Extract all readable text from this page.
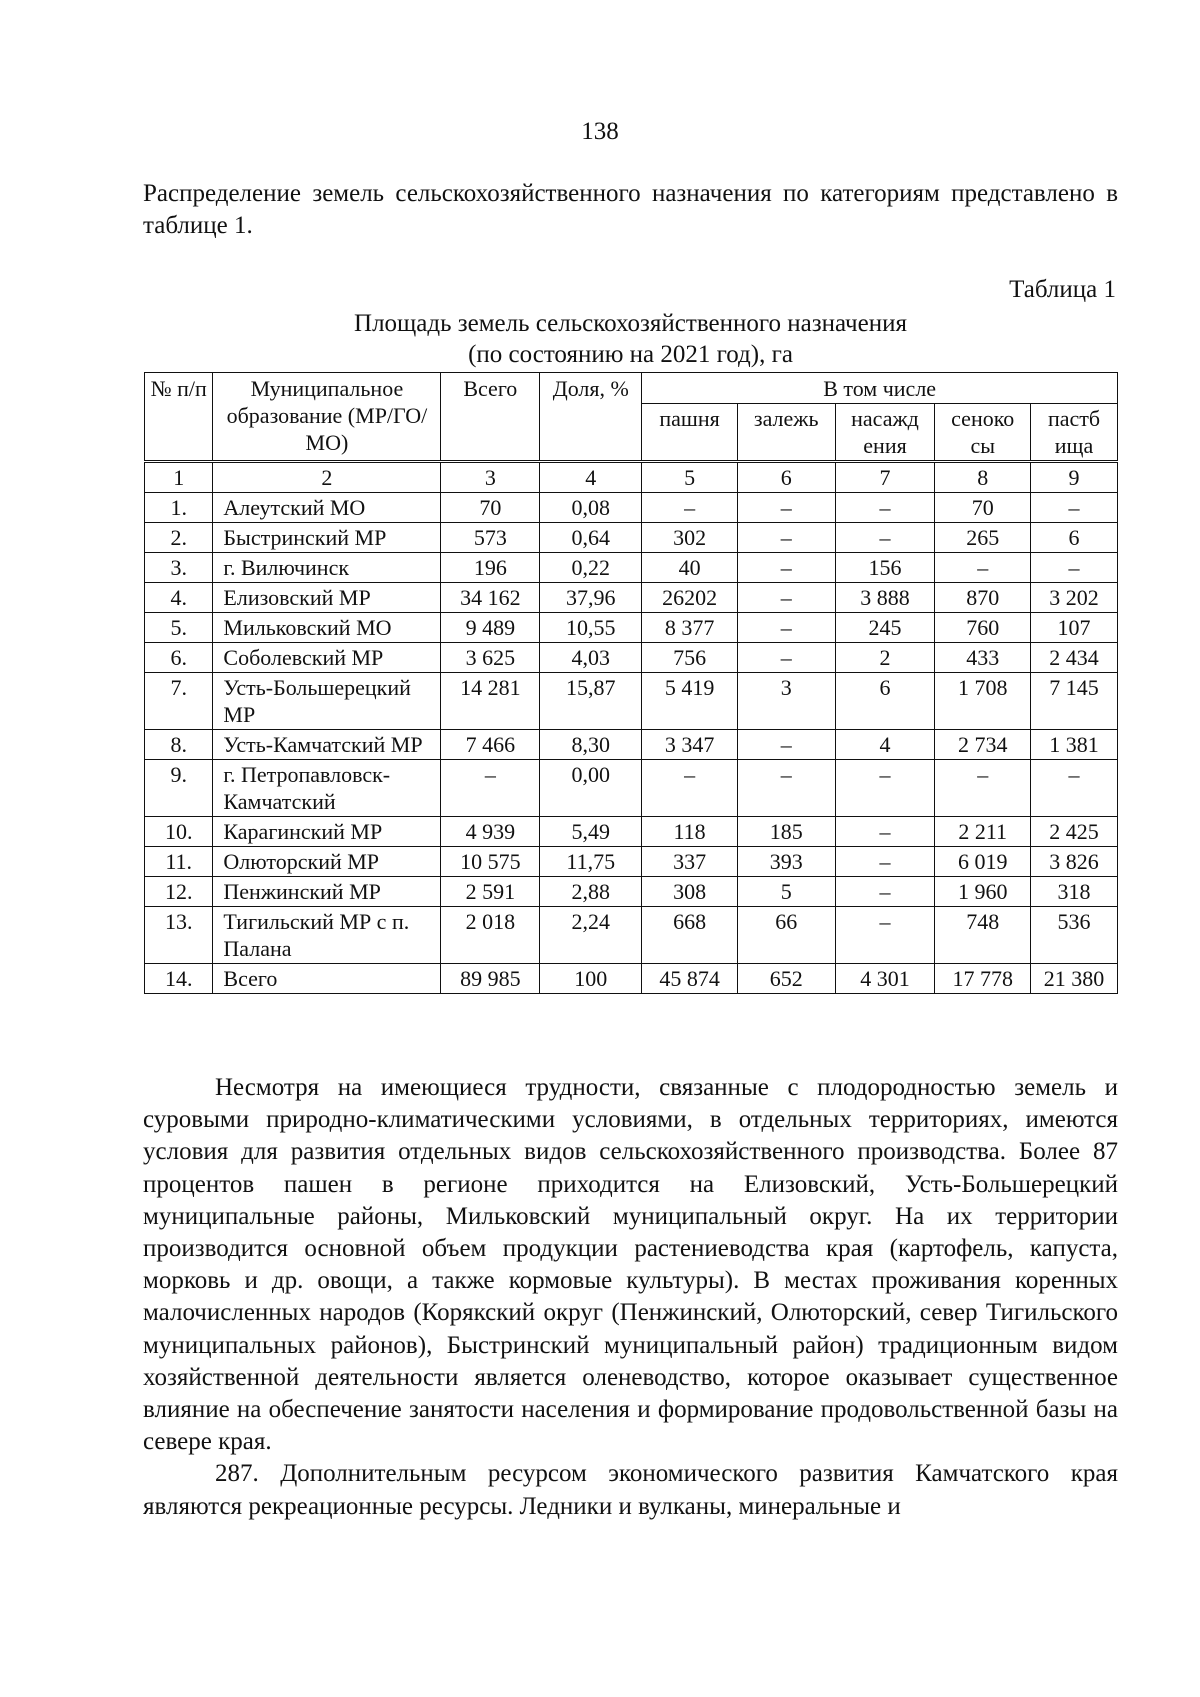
138
Распределение земель сельскохозяйственного назначения по категориям представлено в таблице 1.
Таблица 1
Площадь земель сельскохозяйственного назначения
(по состоянию на 2021 год), га
№ п/п	Муниципальное образование (МР/ГО/МО)	Всего	Доля, %	В том числе				
				пашня	залежь	насажд ения	сеноко сы	пастб ища
1	2	3	4	5	6	7	8	9
1.	Алеутский МО	70	0,08	–	–	–	70	–
2.	Быстринский МР	573	0,64	302	–	–	265	6
3.	г. Вилючинск	196	0,22	40	–	156	–	–
4.	Елизовский МР	34 162	37,96	26202	–	3 888	870	3 202
5.	Мильковский МО	9 489	10,55	8 377	–	245	760	107
6.	Соболевский МР	3 625	4,03	756	–	2	433	2 434
7.	Усть-Большерецкий МР	14 281	15,87	5 419	3	6	1 708	7 145
8.	Усть-Камчатский МР	7 466	8,30	3 347	–	4	2 734	1 381
9.	г. Петропавловск-Камчатский	–	0,00	–	–	–	–	–
10.	Карагинский МР	4 939	5,49	118	185	–	2 211	2 425
11.	Олюторский МР	10 575	11,75	337	393	–	6 019	3 826
12.	Пенжинский МР	2 591	2,88	308	5	–	1 960	318
13.	Тигильский МР с п. Палана	2 018	2,24	668	66	–	748	536
14.	Всего	89 985	100	45 874	652	4 301	17 778	21 380

Несмотря на имеющиеся трудности, связанные с плодородностью земель и суровыми природно-климатическими условиями, в отдельных территориях, имеются условия для развития отдельных видов сельскохозяйственного производства. Более 87 процентов пашен в регионе приходится на Елизовский, Усть-Большерецкий муниципальные районы, Мильковский муниципальный округ. На их территории производится основной объем продукции растениеводства края (картофель, капуста, морковь и др. овощи, а также кормовые культуры). В местах проживания коренных малочисленных народов (Корякский округ (Пенжинский, Олюторский, север Тигильского муниципальных районов), Быстринский муниципальный район) традиционным видом хозяйственной деятельности является оленеводство, которое оказывает существенное влияние на обеспечение занятости населения и формирование продовольственной базы на севере края.

287. Дополнительным ресурсом экономического развития Камчатского края являются рекреационные ресурсы. Ледники и вулканы, минеральные и
